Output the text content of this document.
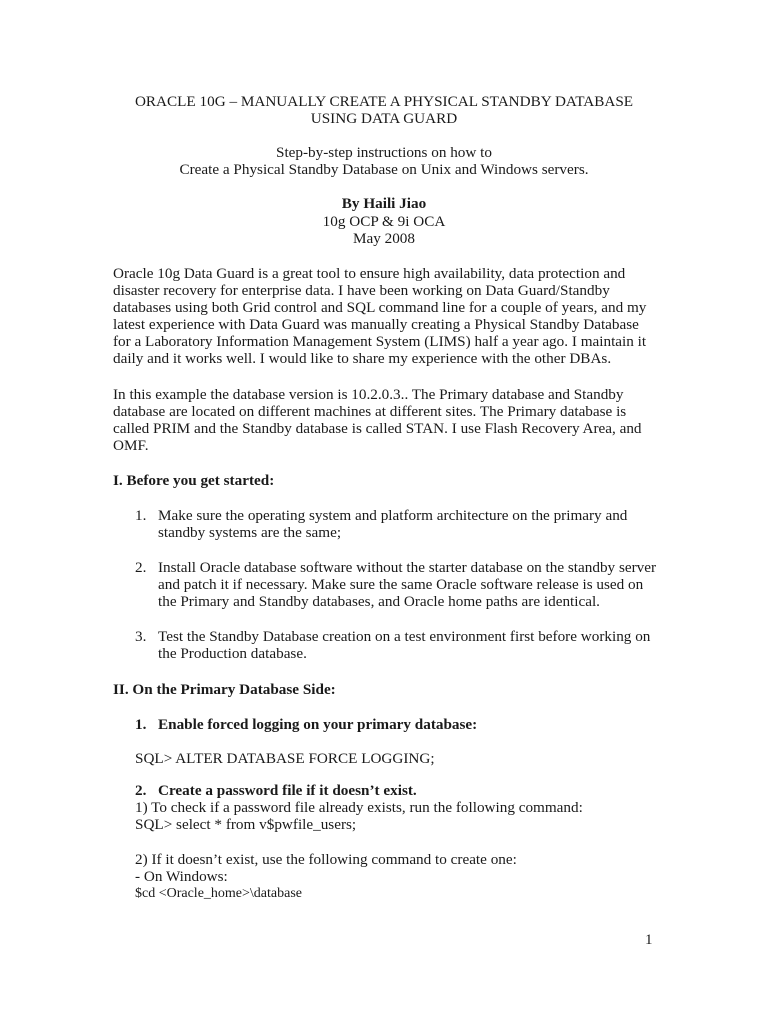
ORACLE 10G – MANUALLY CREATE A PHYSICAL STANDBY DATABASE
USING DATA GUARD
Step-by-step instructions on how to
Create a Physical Standby Database on Unix and Windows servers.
By Haili Jiao
10g OCP & 9i OCA
May 2008
Oracle 10g Data Guard is a great tool to ensure high availability, data protection and
disaster recovery for enterprise data. I have been working on Data Guard/Standby
databases using both Grid control and SQL command line for a couple of years, and my
latest experience with Data Guard was manually creating a Physical Standby Database
for a Laboratory Information Management System (LIMS) half a year ago. I maintain it
daily and it works well. I would like to share my experience with the other DBAs.
In this example the database version is 10.2.0.3.. The Primary database and Standby
database are located on different machines at different sites. The Primary database is
called PRIM and the Standby database is called STAN. I use Flash Recovery Area, and
OMF.
I. Before you get started:
1. Make sure the operating system and platform architecture on the primary and
standby systems are the same;
2. Install Oracle database software without the starter database on the standby server
and patch it if necessary. Make sure the same Oracle software release is used on
the Primary and Standby databases, and Oracle home paths are identical.
3. Test the Standby Database creation on a test environment first before working on
the Production database.
II. On the Primary Database Side:
1. Enable forced logging on your primary database:
SQL> ALTER DATABASE FORCE LOGGING;
2. Create a password file if it doesn’t exist.
1) To check if a password file already exists, run the following command:
SQL> select * from v$pwfile_users;
2) If it doesn’t exist, use the following command to create one:
- On Windows:
$cd <Oracle_home>\database
1
